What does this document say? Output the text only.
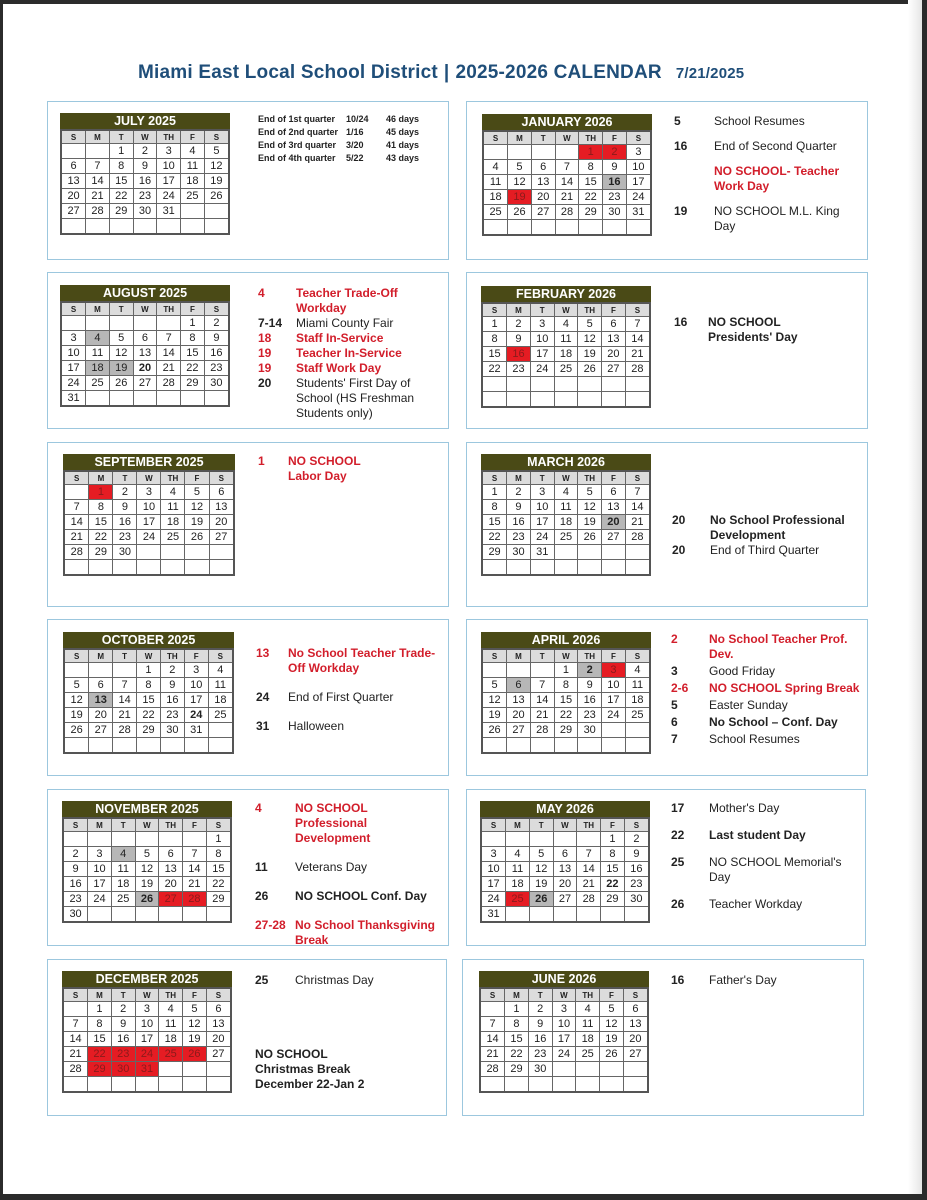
Miami East Local School District | 2025-2026 CALENDAR 7/21/2025
End of 1st quarter	10/24	46 days
End of 2nd quarter 1/16	45 days
End of 3rd quarter	3/20	41 days
End of 4th quarter	5/22	43 days
JULY 2025
S	M	T	W	TH	F	S
		1	2	3	4	5
6	7	8	9	10	11	12
13	14	15	16	17	18	19
20	21	22	23	24	25	26
27	28	29	30	31		

AUGUST 2025
S	M	T	W	TH	F	S
					1	2
3	4	5	6	7	8	9
10	11	12	13	14	15	16
17	18	19	20	21	22	23
24	25	26	27	28	29	30
31						
SEPTEMBER 2025
S	M	T	W	TH	F	S
	1	2	3	4	5	6
7	8	9	10	11	12	13
14	15	16	17	18	19	20
21	22	23	24	25	26	27
28	29	30				

OCTOBER 2025
S	M	T	W	TH	F	S
			1	2	3	4
5	6	7	8	9	10	11
12	13	14	15	16	17	18
19	20	21	22	23	24	25
26	27	28	29	30	31	

NOVEMBER 2025
S	M	T	W	TH	F	S
						1
2	3	4	5	6	7	8
9	10	11	12	13	14	15
16	17	18	19	20	21	22
23	24	25	26	27	28	29
30						
DECEMBER 2025
S	M	T	W	TH	F	S
	1	2	3	4	5	6
7	8	9	10	11	12	13
14	15	16	17	18	19	20
21	22	23	24	25	26	27
28	29	30	31			

JANUARY 2026
S	M	T	W	TH	F	S
				1	2	3
4	5	6	7	8	9	10
11	12	13	14	15	16	17
18	19	20	21	22	23	24
25	26	27	28	29	30	31

FEBRUARY 2026
S	M	T	W	TH	F	S
1	2	3	4	5	6	7
8	9	10	11	12	13	14
15	16	17	18	19	20	21
22	23	24	25	26	27	28

MARCH 2026
S	M	T	W	TH	F	S
1	2	3	4	5	6	7
8	9	10	11	12	13	14
15	16	17	18	19	20	21
22	23	24	25	26	27	28
29	30	31				

APRIL 2026
S	M	T	W	TH	F	S
			1	2	3	4
5	6	7	8	9	10	11
12	13	14	15	16	17	18
19	20	21	22	23	24	25
26	27	28	29	30		

MAY 2026
S	M	T	W	TH	F	S
					1	2
3	4	5	6	7	8	9
10	11	12	13	14	15	16
17	18	19	20	21	22	23
24	25	26	27	28	29	30
31						
JUNE 2026
S	M	T	W	TH	F	S
	1	2	3	4	5	6
7	8	9	10	11	12	13
14	15	16	17	18	19	20
21	22	23	24	25	26	27
28	29	30				

4	Teacher Trade-Off Workday
7-14	Miami County Fair
18	Staff In-Service
19	Teacher In-Service
19	Staff Work Day
20	Students' First Day of School (HS Freshman Students only)
1	NO SCHOOL Labor Day
13	No School Teacher Trade-Off Workday
24	End of First Quarter
31	Halloween
4	NO SCHOOL Professional Development
11	Veterans Day
26	NO SCHOOL Conf. Day
27-28 No School Thanksgiving Break
25	Christmas Day
5	School Resumes
16	End of Second Quarter
NO SCHOOL- Teacher Work Day
19	NO SCHOOL M.L. King Day
16	NO SCHOOL Presidents' Day
20	No School Professional Development
20	End of Third Quarter
2	No School Teacher Prof. Dev.
3	Good Friday
2-6	NO SCHOOL Spring Break
5	Easter Sunday
6	No School – Conf. Day
7	School Resumes
17	Mother's Day
22	Last student Day
25	NO SCHOOL Memorial's Day
26	Teacher Workday
16	Father's Day
NO SCHOOL
Christmas Break
December 22-Jan 2
